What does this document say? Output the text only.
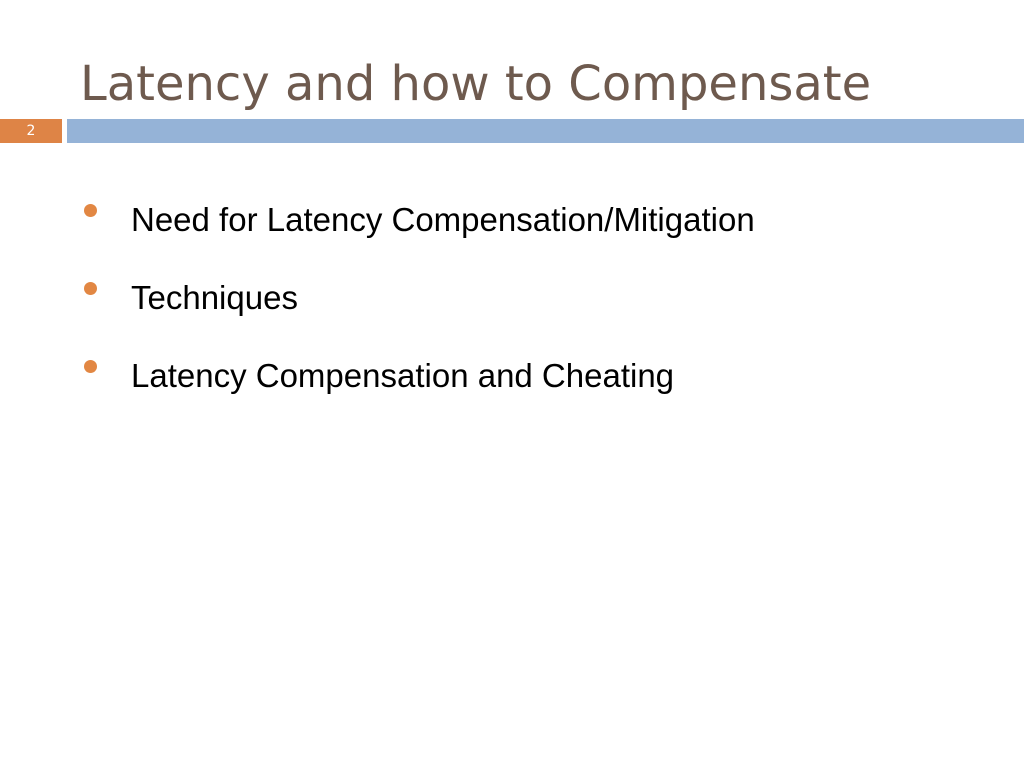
Latency and how to Compensate
2
Need for Latency Compensation/Mitigation
Techniques
Latency Compensation and Cheating
